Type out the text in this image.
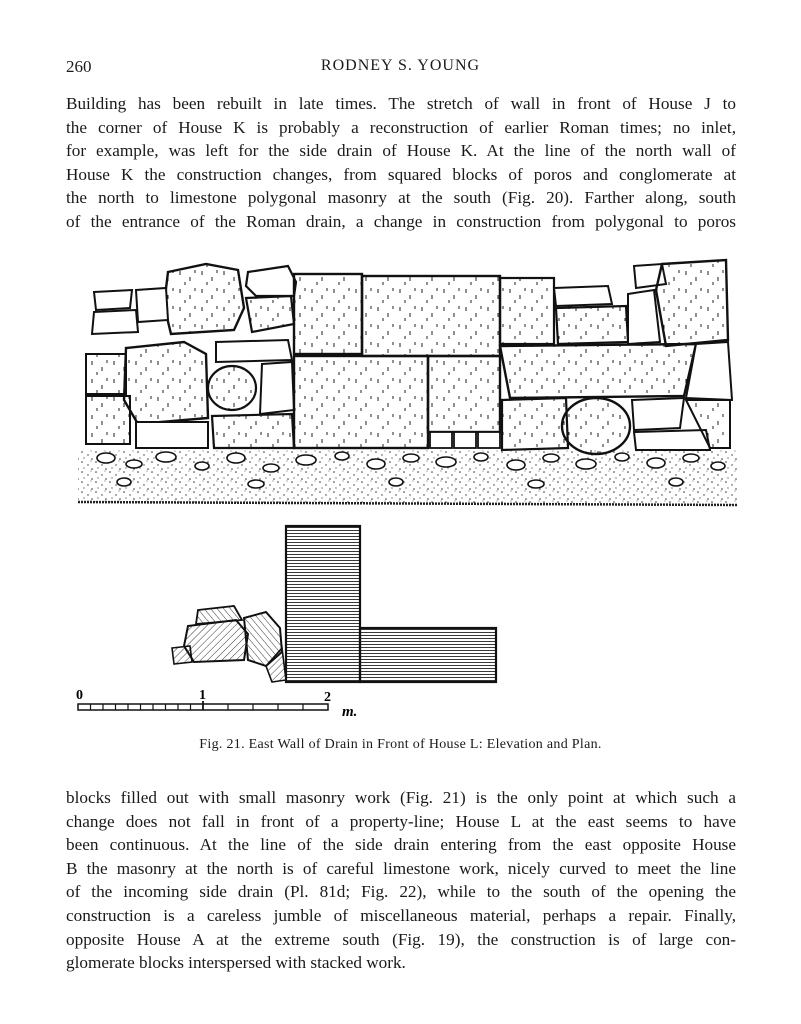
260	RODNEY S. YOUNG
Building has been rebuilt in late times. The stretch of wall in front of House J to
the corner of House K is probably a reconstruction of earlier Roman times; no inlet,
for example, was left for the side drain of House K. At the line of the north wall of
House K the construction changes, from squared blocks of poros and conglomerate at
the north to limestone polygonal masonry at the south (Fig. 20). Farther along, south
of the entrance of the Roman drain, a change in construction from polygonal to poros
0	1	2
m.
Fig. 21. East Wall of Drain in Front of House L: Elevation and Plan.
blocks filled out with small masonry work (Fig. 21) is the only point at which such a
change does not fall in front of a property-line; House L at the east seems to have
been continuous. At the line of the side drain entering from the east opposite House
B the masonry at the north is of careful limestone work, nicely curved to meet the line
of the incoming side drain (Pl. 81d; Fig. 22), while to the south of the opening the
construction is a careless jumble of miscellaneous material, perhaps a repair. Finally,
opposite House A at the extreme south (Fig. 19), the construction is of large con-
glomerate blocks interspersed with stacked work.
